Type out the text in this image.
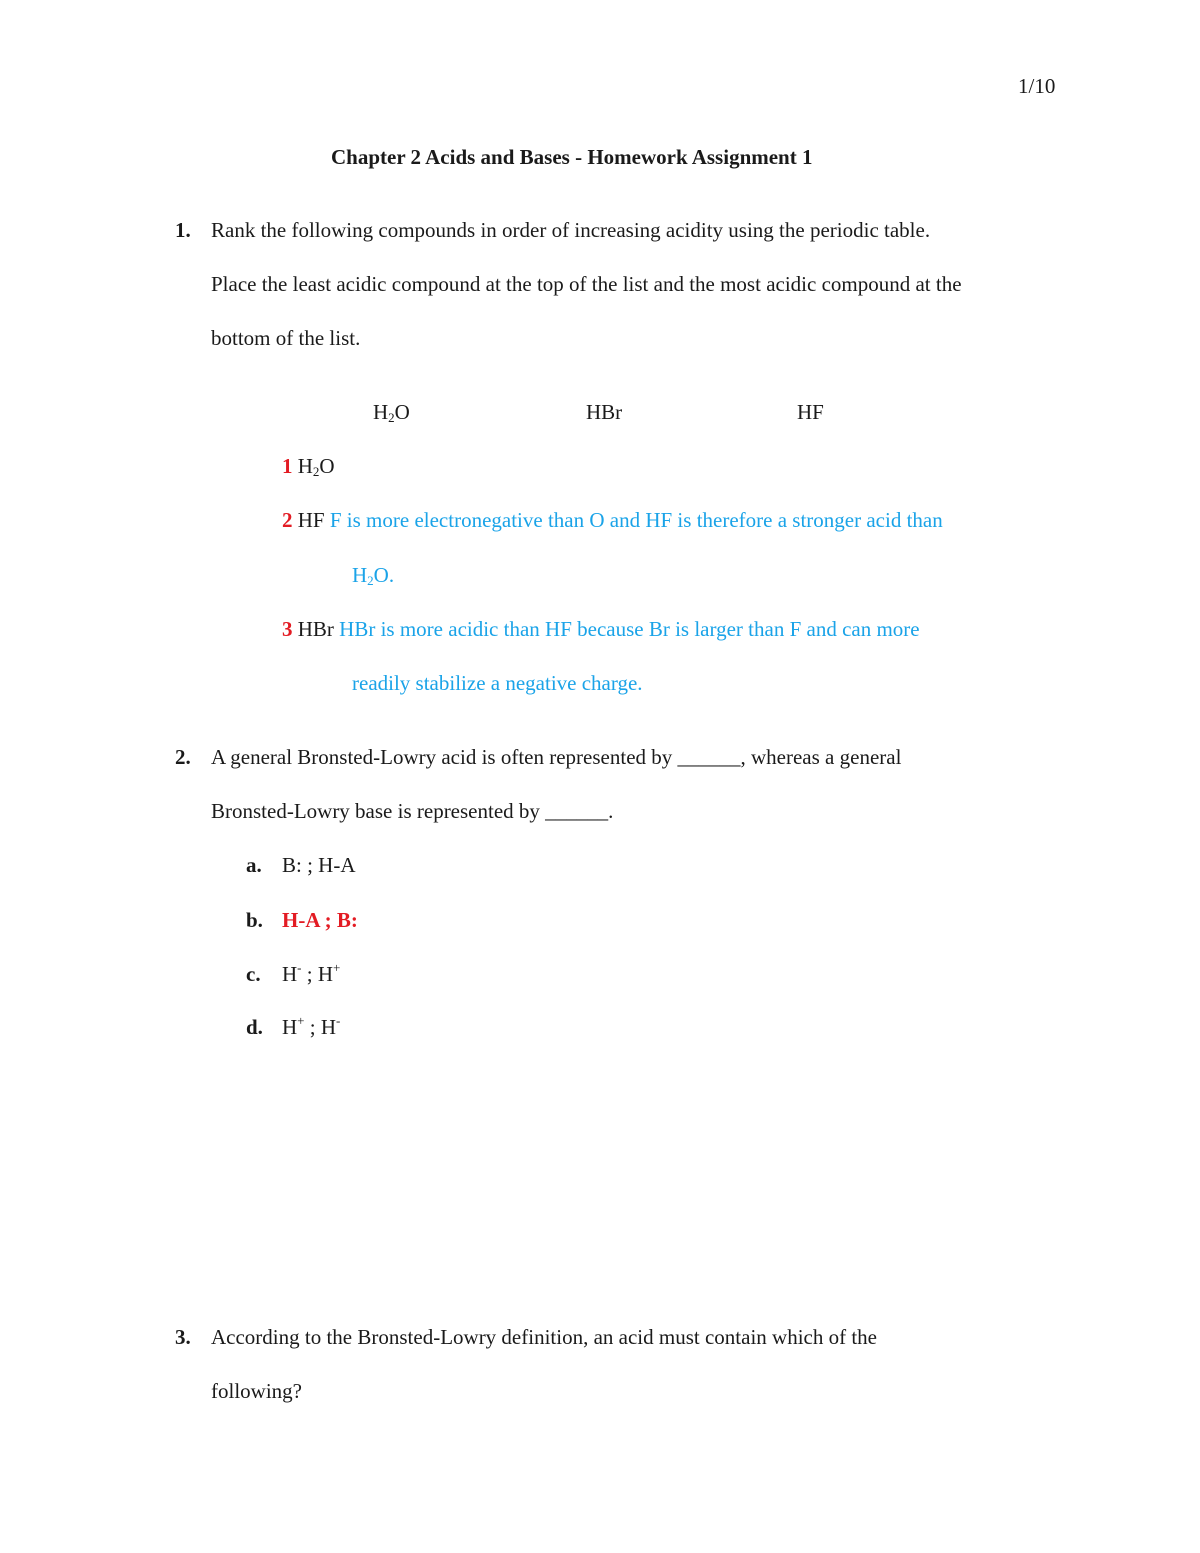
1/10
Chapter 2 Acids and Bases - Homework Assignment 1
1. Rank the following compounds in order of increasing acidity using the periodic table.
Place the least acidic compound at the top of the list and the most acidic compound at the
bottom of the list.
$H_2O$	HBr	HF
1 $H_2O$
2 HF F is more electronegative than O and HF is therefore a stronger acid than
$H_2O$.
3 HBr HBr is more acidic than HF because Br is larger than F and can more
readily stabilize a negative charge.
2. A general Bronsted-Lowry acid is often represented by ______, whereas a general
Bronsted-Lowry base is represented by ______.
a. B: ; H-A
b. H-A ; B:
c. H- ; H+
d. H+ ; H-
3. According to the Bronsted-Lowry definition, an acid must contain which of the
following?
